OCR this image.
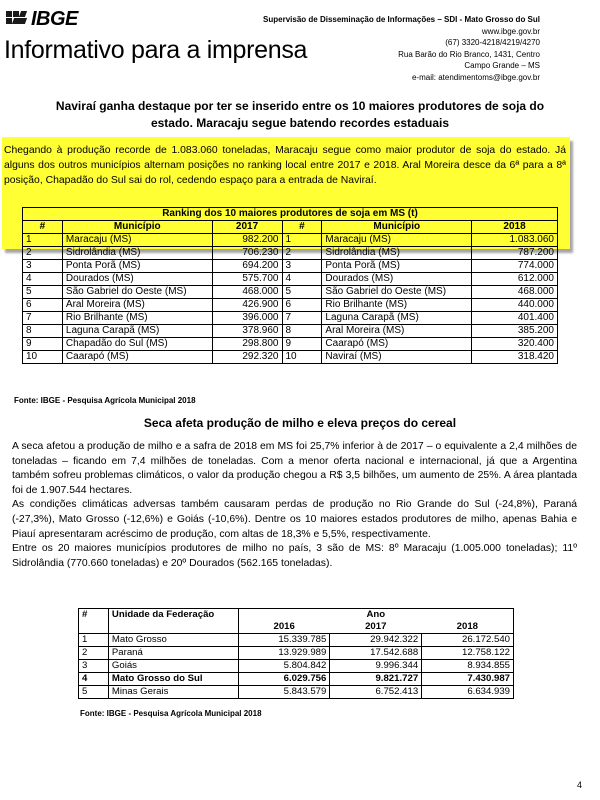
IBGE
Informativo para a imprensa
Supervisão de Disseminação de Informações – SDI - Mato Grosso do Sul
www.ibge.gov.br
(67) 3320-4218/4219/4270
Rua Barão do Rio Branco, 1431, Centro
Campo Grande – MS
e-mail: atendimentoms@ibge.gov.br
Naviraí ganha destaque por ter se inserido entre os 10 maiores produtores de soja do
estado. Maracaju segue batendo recordes estaduais
Chegando à produção recorde de 1.083.060 toneladas, Maracaju segue como maior produtor de soja do estado. Já alguns dos outros municípios alternam posições no ranking local entre 2017 e 2018. Aral Moreira desce da 6ª para a 8ª posição, Chapadão do Sul sai do rol, cedendo espaço para a entrada de Naviraí.
Ranking dos 10 maiores produtores de soja em MS (t)					
#	Município	2017	#	Município	2018
1	Maracaju (MS)	982.200	1	Maracaju (MS)	1.083.060
2	Sidrolândia (MS)	706.230	2	Sidrolândia (MS)	787.200
3	Ponta Porã (MS)	694.200	3	Ponta Porã (MS)	774.000
4	Dourados (MS)	575.700	4	Dourados (MS)	612.000
5	São Gabriel do Oeste (MS)	468.000	5	São Gabriel do Oeste (MS)	468.000
6	Aral Moreira (MS)	426.900	6	Rio Brilhante (MS)	440.000
7	Rio Brilhante (MS)	396.000	7	Laguna Carapã (MS)	401.400
8	Laguna Carapã (MS)	378.960	8	Aral Moreira (MS)	385.200
9	Chapadão do Sul (MS)	298.800	9	Caarapó (MS)	320.400
10	Caarapó (MS)	292.320	10	Naviraí (MS)	318.420
Fonte: IBGE - Pesquisa Agrícola Municipal 2018
Seca afeta produção de milho e eleva preços do cereal

A seca afetou a produção de milho e a safra de 2018 em MS foi 25,7% inferior à de 2017 – o equivalente a 2,4 milhões de toneladas – ficando em 7,4 milhões de toneladas. Com a menor oferta nacional e internacional, já que a Argentina também sofreu problemas climáticos, o valor da produção chegou a R$ 3,5 bilhões, um aumento de 25%. A área plantada foi de 1.907.544 hectares.

As condições climáticas adversas também causaram perdas de produção no Rio Grande do Sul (-24,8%), Paraná (-27,3%), Mato Grosso (-12,6%) e Goiás (-10,6%). Dentre os 10 maiores estados produtores de milho, apenas Bahia e Piauí apresentaram acréscimo de produção, com altas de 18,3% e 5,5%, respectivamente.

Entre os 20 maiores municípios produtores de milho no país, 3 são de MS: 8º Maracaju (1.005.000 toneladas); 11º Sidrolândia (770.660 toneladas) e 20º Dourados (562.165 toneladas).

#	Unidade da Federação	Ano		
		2016	2017	2018
1	Mato Grosso	15.339.785	29.942.322	26.172.540
2	Paraná	13.929.989	17.542.688	12.758.122
3	Goiás	5.804.842	9.996.344	8.934.855
4	Mato Grosso do Sul	6.029.756	9.821.727	7.430.987
5	Minas Gerais	5.843.579	6.752.413	6.634.939
Fonte: IBGE - Pesquisa Agrícola Municipal 2018
4
